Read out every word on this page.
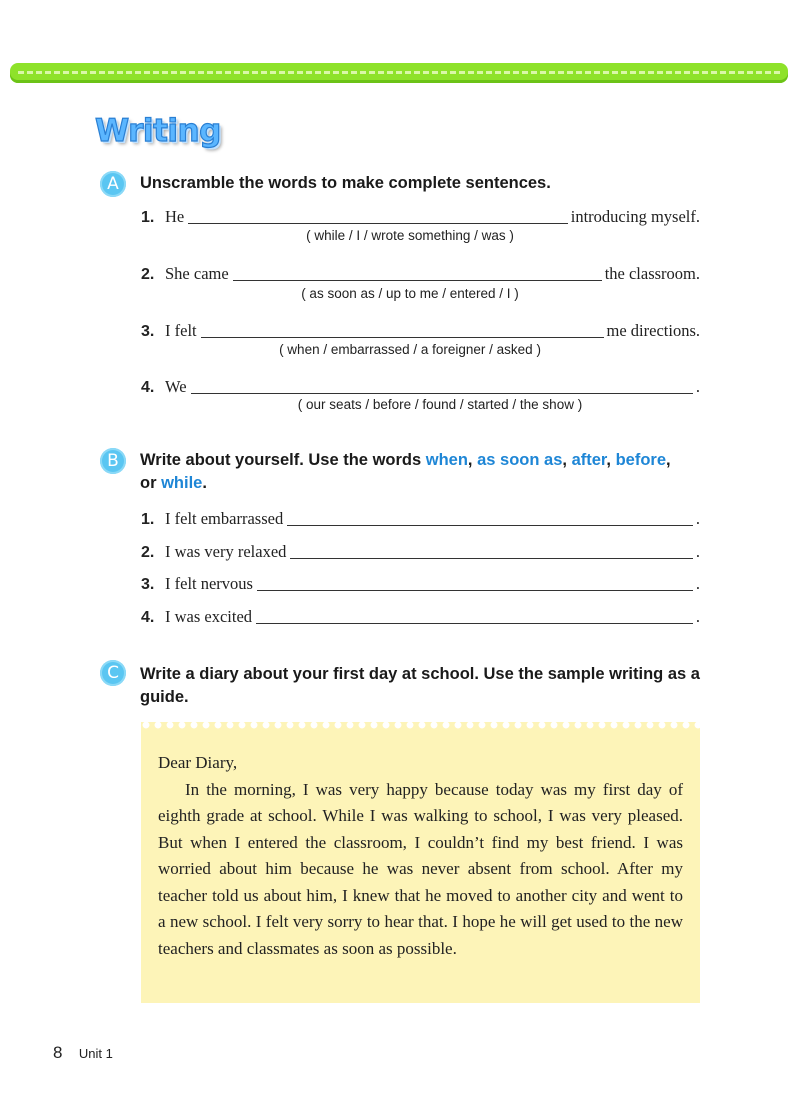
Writing
A	Unscramble the words to make complete sentences.
1. He	introducing myself.
( while / I / wrote something / was )
2. She came	the classroom.
( as soon as / up to me / entered / I )
3. I felt	me directions.
( when / embarrassed / a foreigner / asked )
4. We	.
( our seats / before / found / started / the show )
B	Write about yourself. Use the words when, as soon as, after, before,
or while.
1. I felt embarrassed	.
2. I was very relaxed	.
3. I felt nervous	.
4. I was excited	.
C	Write a diary about your first day at school. Use the sample writing as a guide.

Dear Diary,

In the morning, I was very happy because today was my first day of eighth grade at school. While I was walking to school, I was very pleased. But when I entered the classroom, I couldn’t find my best friend. I was worried about him because he was never absent from school. After my teacher told us about him, I knew that he moved to another city and went to a new school. I felt very sorry to hear that. I hope he will get used to the new teachers and classmates as soon as possible.

8 Unit 1
